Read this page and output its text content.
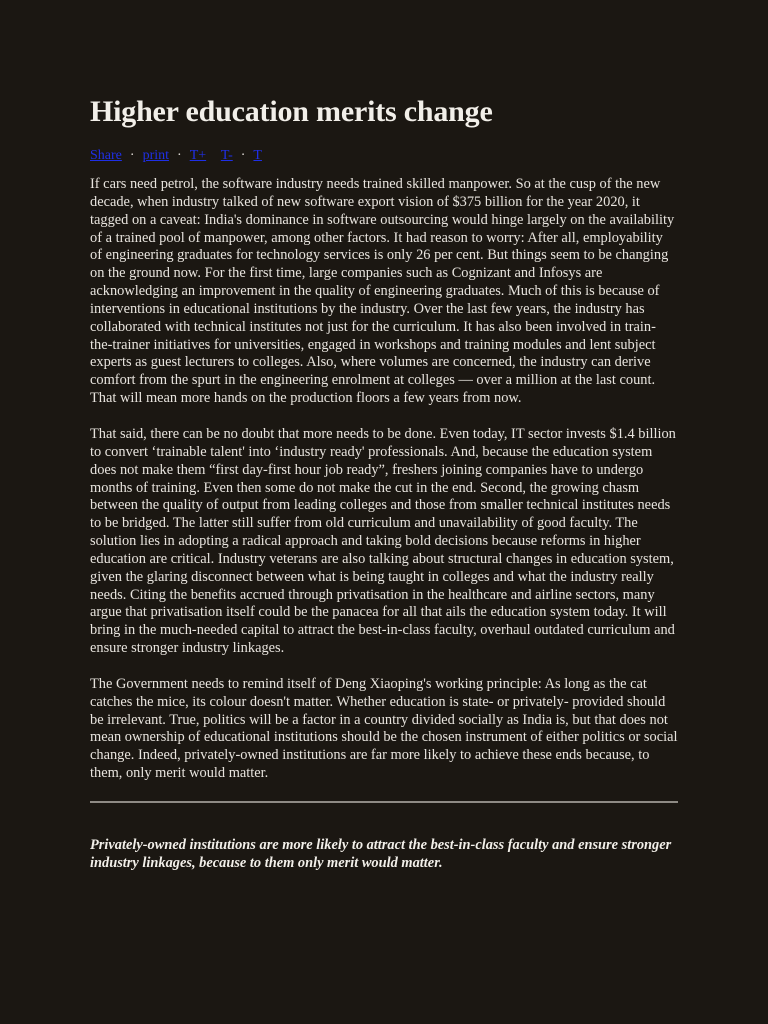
Higher education merits change
Share · print · T+ T- · T

If cars need petrol, the software industry needs trained skilled manpower. So at the cusp of the new decade, when industry talked of new software export vision of $375 billion for the year 2020, it tagged on a caveat: India's dominance in software outsourcing would hinge largely on the availability of a trained pool of manpower, among other factors. It had reason to worry: After all, employability of engineering graduates for technology services is only 26 per cent. But things seem to be changing on the ground now. For the first time, large companies such as Cognizant and Infosys are acknowledging an improvement in the quality of engineering graduates. Much of this is because of interventions in educational institutions by the industry. Over the last few years, the industry has collaborated with technical institutes not just for the curriculum. It has also been involved in train-the-trainer initiatives for universities, engaged in workshops and training modules and lent subject experts as guest lecturers to colleges. Also, where volumes are concerned, the industry can derive comfort from the spurt in the engineering enrolment at colleges — over a million at the last count. That will mean more hands on the production floors a few years from now.

That said, there can be no doubt that more needs to be done. Even today, IT sector invests $1.4 billion to convert ‘trainable talent' into ‘industry ready' professionals. And, because the education system does not make them “first day-first hour job ready”, freshers joining companies have to undergo months of training. Even then some do not make the cut in the end. Second, the growing chasm between the quality of output from leading colleges and those from smaller technical institutes needs to be bridged. The latter still suffer from old curriculum and unavailability of good faculty. The solution lies in adopting a radical approach and taking bold decisions because reforms in higher education are critical. Industry veterans are also talking about structural changes in education system, given the glaring disconnect between what is being taught in colleges and what the industry really needs. Citing the benefits accrued through privatisation in the healthcare and airline sectors, many argue that privatisation itself could be the panacea for all that ails the education system today. It will bring in the much-needed capital to attract the best-in-class faculty, overhaul outdated curriculum and ensure stronger industry linkages.

The Government needs to remind itself of Deng Xiaoping's working principle: As long as the cat catches the mice, its colour doesn't matter. Whether education is state- or privately- provided should be irrelevant. True, politics will be a factor in a country divided socially as India is, but that does not mean ownership of educational institutions should be the chosen instrument of either politics or social change. Indeed, privately-owned institutions are far more likely to achieve these ends because, to them, only merit would matter.

Privately-owned institutions are more likely to attract the best-in-class faculty and ensure stronger industry linkages, because to them only merit would matter.
